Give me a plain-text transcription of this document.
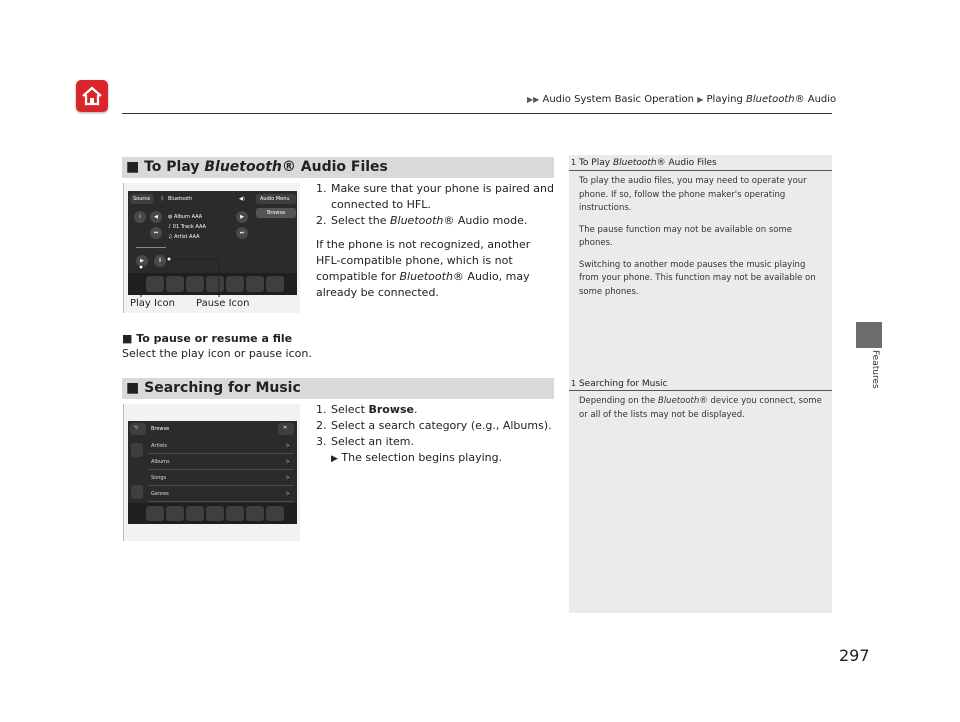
▶▶ Audio System Basic Operation ▶ Playing Bluetooth® Audio
Features
■ To Play Bluetooth® Audio Files	1 To Play Bluetooth® Audio Files
To play the audio files, you may need to operate your phone. If so, follow the phone maker's operating instructions.
The pause function may not be available on some phones.
Switching to another mode pauses the music playing from your phone. This function may not be available on some phones.
Source ᛒ Bluetooth	◀)	Audio Menu
Browse
i	◀
⏮
▶
⏭
◍ Album AAA
♪ 01 Track AAA
♫ Artist AAA
▶	II
Play Icon Pause Icon
1. Make sure that your phone is paired and connected to HFL.
2. Select the Bluetooth® Audio mode.
If the phone is not recognized, another HFL-compatible phone, which is not compatible for Bluetooth® Audio, may already be connected.
■ To pause or resume a file
Select the play icon or pause icon.
■ Searching for Music	1 Searching for Music
Depending on the Bluetooth® device you connect, some or all of the lists may not be displayed.
⮌	Browse	✕
Artists	>
Albums	>
Songs	>
Genres	>
1. Select Browse.
2. Select a search category (e.g., Albums).
3. Select an item.
▶ The selection begins playing.
297
